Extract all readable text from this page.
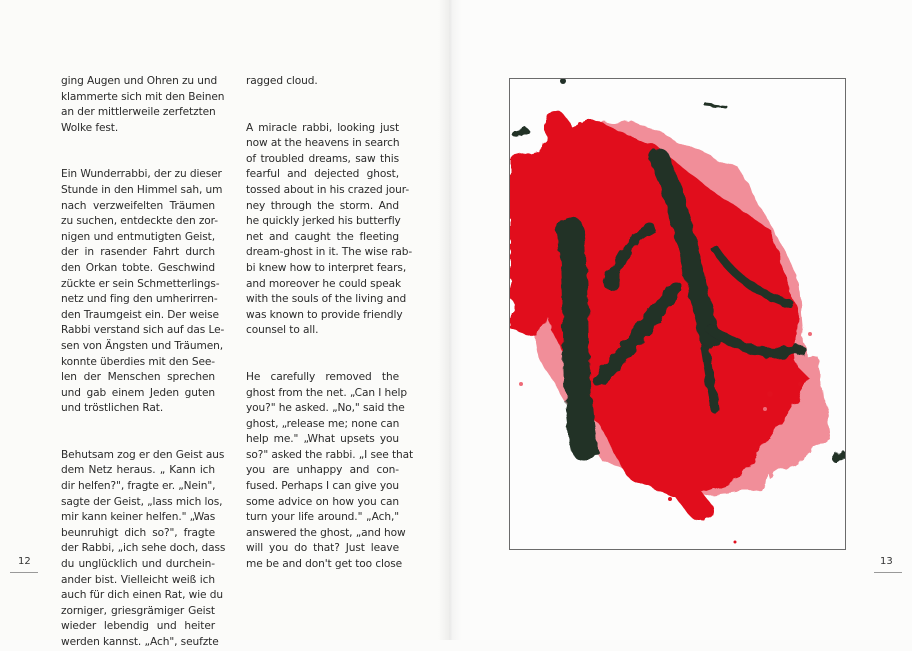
ging Augen und Ohren zu und
klammerte sich mit den Beinen
an der mittlerweile zerfetzten
Wolke fest.
Ein Wunderrabbi, der zu dieser
Stunde in den Himmel sah, um
nach verzweifelten Träumen
zu suchen, entdeckte den zor-
nigen und entmutigten Geist,
der in rasender Fahrt durch
den Orkan tobte. Geschwind
zückte er sein Schmetterlings-
netz und fing den umherirren-
den Traumgeist ein. Der weise
Rabbi verstand sich auf das Le-
sen von Ängsten und Träumen,
konnte überdies mit den See-
len der Menschen sprechen
und gab einem Jeden guten
und tröstlichen Rat.
Behutsam zog er den Geist aus
dem Netz heraus. „ Kann ich
dir helfen?", fragte er. „Nein",
sagte der Geist, „lass mich los,
mir kann keiner helfen." „Was
beunruhigt dich so?", fragte
der Rabbi, „ich sehe doch, dass
du unglücklich und durchein-
ander bist. Vielleicht weiß ich
auch für dich einen Rat, wie du
zorniger, griesgrämiger Geist
wieder lebendig und heiter
werden kannst. „Ach", seufzte
ragged cloud.
A miracle rabbi, looking just
now at the heavens in search
of troubled dreams, saw this
fearful and dejected ghost,
tossed about in his crazed jour-
ney through the storm. And
he quickly jerked his butterfly
net and caught the fleeting
dream-ghost in it. The wise rab-
bi knew how to interpret fears,
and moreover he could speak
with the souls of the living and
was known to provide friendly
counsel to all.
He carefully removed the
ghost from the net. „Can I help
you?" he asked. „No," said the
ghost, „release me; none can
help me." „What upsets you
so?" asked the rabbi. „I see that
you are unhappy and con-
fused. Perhaps I can give you
some advice on how you can
turn your life around." „Ach,"
answered the ghost, „and how
will you do that? Just leave
me be and don't get too close
12	13
